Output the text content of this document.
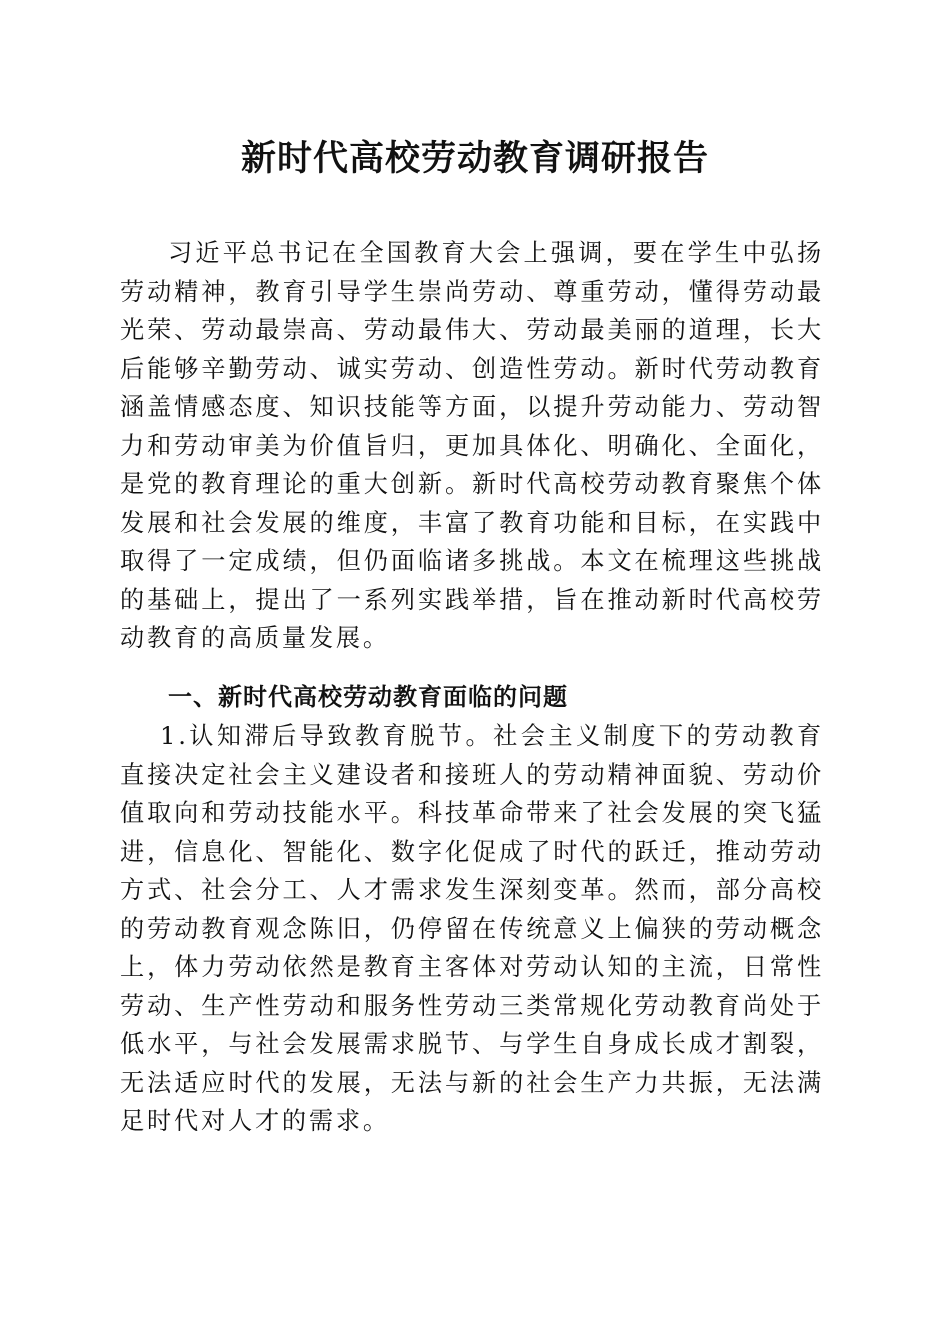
新时代高校劳动教育调研报告

习近平总书记在全国教育大会上强调，要在学生中弘扬劳动精神，教育引导学生崇尚劳动、尊重劳动，懂得劳动最光荣、劳动最崇高、劳动最伟大、劳动最美丽的道理，长大后能够辛勤劳动、诚实劳动、创造性劳动。新时代劳动教育涵盖情感态度、知识技能等方面，以提升劳动能力、劳动智力和劳动审美为价值旨归，更加具体化、明确化、全面化，是党的教育理论的重大创新。新时代高校劳动教育聚焦个体发展和社会发展的维度，丰富了教育功能和目标，在实践中取得了一定成绩，但仍面临诸多挑战。本文在梳理这些挑战的基础上，提出了一系列实践举措，旨在推动新时代高校劳动教育的高质量发展。

一、新时代高校劳动教育面临的问题

1.认知滞后导致教育脱节。社会主义制度下的劳动教育直接决定社会主义建设者和接班人的劳动精神面貌、劳动价值取向和劳动技能水平。科技革命带来了社会发展的突飞猛进，信息化、智能化、数字化促成了时代的跃迁，推动劳动方式、社会分工、人才需求发生深刻变革。然而，部分高校的劳动教育观念陈旧，仍停留在传统意义上偏狭的劳动概念上，体力劳动依然是教育主客体对劳动认知的主流，日常性劳动、生产性劳动和服务性劳动三类常规化劳动教育尚处于低水平，与社会发展需求脱节、与学生自身成长成才割裂，无法适应时代的发展，无法与新的社会生产力共振，无法满足时代对人才的需求。
